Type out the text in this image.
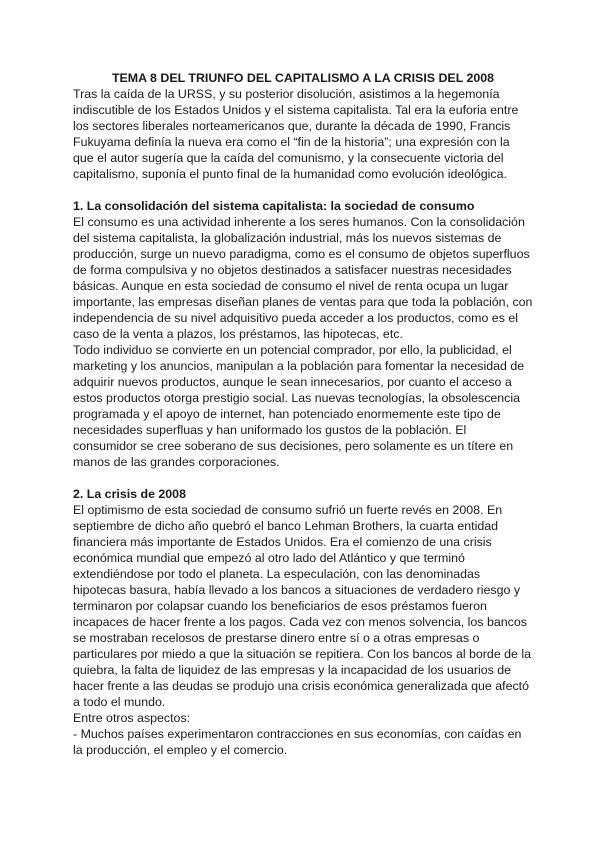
TEMA 8 DEL TRIUNFO DEL CAPITALISMO A LA CRISIS DEL 2008

Tras la caída de la URSS, y su posterior disolución, asistimos a la hegemonía indiscutible de los Estados Unidos y el sistema capitalista. Tal era la euforia entre los sectores liberales norteamericanos que, durante la década de 1990, Francis Fukuyama definía la nueva era como el “fin de la historia”; una expresión con la que el autor sugería que la caída del comunismo, y la consecuente victoria del capitalismo, suponía el punto final de la humanidad como evolución ideológica.

1. La consolidación del sistema capitalista: la sociedad de consumo

El consumo es una actividad inherente a los seres humanos. Con la consolidación del sistema capitalista, la globalización industrial, más los nuevos sistemas de producción, surge un nuevo paradigma, como es el consumo de objetos superfluos de forma compulsiva y no objetos destinados a satisfacer nuestras necesidades básicas. Aunque en esta sociedad de consumo el nivel de renta ocupa un lugar importante, las empresas diseñan planes de ventas para que toda la población, con independencia de su nivel adquisitivo pueda acceder a los productos, como es el caso de la venta a plazos, los préstamos, las hipotecas, etc.

Todo individuo se convierte en un potencial comprador, por ello, la publicidad, el marketing y los anuncios, manipulan a la población para fomentar la necesidad de adquirir nuevos productos, aunque le sean innecesarios, por cuanto el acceso a estos productos otorga prestigio social. Las nuevas tecnologías, la obsolescencia programada y el apoyo de internet, han potenciado enormemente este tipo de necesidades superfluas y han uniformado los gustos de la población. El consumidor se cree soberano de sus decisiones, pero solamente es un títere en manos de las grandes corporaciones.

2. La crisis de 2008

El optimismo de esta sociedad de consumo sufrió un fuerte revés en 2008. En septiembre de dicho año quebró el banco Lehman Brothers, la cuarta entidad financiera más importante de Estados Unidos. Era el comienzo de una crisis económica mundial que empezó al otro lado del Atlántico y que terminó extendiéndose por todo el planeta. La especulación, con las denominadas hipotecas basura, había llevado a los bancos a situaciones de verdadero riesgo y terminaron por colapsar cuando los beneficiarios de esos préstamos fueron incapaces de hacer frente a los pagos. Cada vez con menos solvencia, los bancos se mostraban recelosos de prestarse dinero entre sí o a otras empresas o particulares por miedo a que la situación se repitiera. Con los bancos al borde de la quiebra, la falta de liquidez de las empresas y la incapacidad de los usuarios de hacer frente a las deudas se produjo una crisis económica generalizada que afectó a todo el mundo.

Entre otros aspectos:

- Muchos países experimentaron contracciones en sus economías, con caídas en la producción, el empleo y el comercio.
